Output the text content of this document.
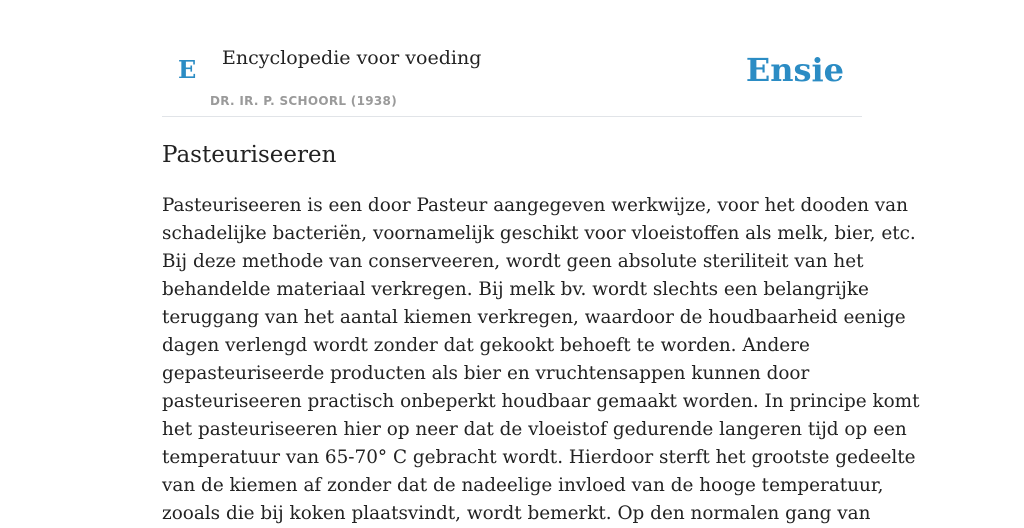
E Encyclopedie voor voeding
DR. IR. P. SCHOORL (1938)
Ensie
Pasteuriseeren

Pasteuriseeren is een door Pasteur aangegeven werkwijze, voor het dooden van
schadelijke bacteriën, voornamelijk geschikt voor vloeistoffen als melk, bier, etc.
Bij deze methode van conserveeren, wordt geen absolute steriliteit van het
behandelde materiaal verkregen. Bij melk bv. wordt slechts een belangrijke
teruggang van het aantal kiemen verkregen, waardoor de houdbaarheid eenige
dagen verlengd wordt zonder dat gekookt behoeft te worden. Andere
gepasteuriseerde producten als bier en vruchtensappen kunnen door
pasteuriseeren practisch onbeperkt houdbaar gemaakt worden. In principe komt
het pasteuriseeren hier op neer dat de vloeistof gedurende langeren tijd op een
temperatuur van 65-70° C gebracht wordt. Hierdoor sterft het grootste gedeelte
van de kiemen af zonder dat de nadeelige invloed van de hooge temperatuur,
zooals die bij koken plaatsvindt, wordt bemerkt. Op den normalen gang van
